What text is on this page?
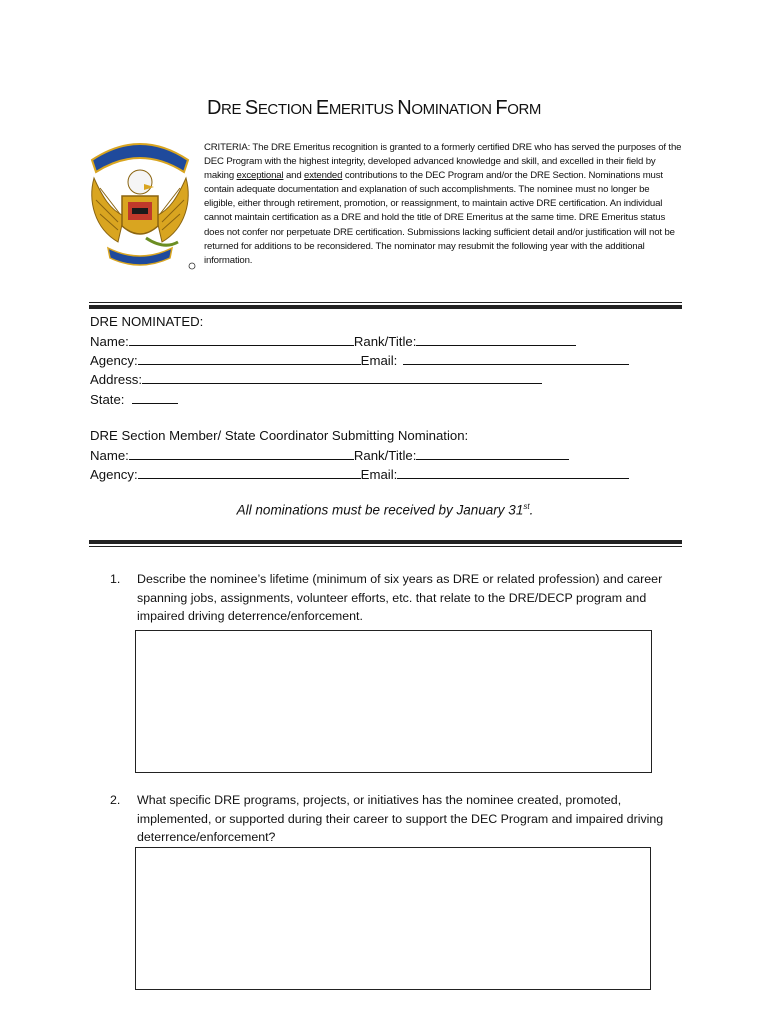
DRE SECTION EMERITUS NOMINATION FORM

CRITERIA: The DRE Emeritus recognition is granted to a formerly certified DRE who has served the purposes of the DEC Program with the highest integrity, developed advanced knowledge and skill, and excelled in their field by making exceptional and extended contributions to the DEC Program and/or the DRE Section. Nominations must contain adequate documentation and explanation of such accomplishments. The nominee must no longer be eligible, either through retirement, promotion, or reassignment, to maintain active DRE certification. An individual cannot maintain certification as a DRE and hold the title of DRE Emeritus at the same time. DRE Emeritus status does not confer nor perpetuate DRE certification. Submissions lacking sufficient detail and/or justification will not be returned for additions to be reconsidered. The nominator may resubmit the following year with the additional information.

DRE NOMINATED:

Name:	Rank/Title:

Agency:	Email:

Address:

State:

DRE Section Member/ State Coordinator Submitting Nomination:

Name:	Rank/Title:

Agency:	Email:

All nominations must be received by January 31st.
1. Describe the nominee’s lifetime (minimum of six years as DRE or related profession) and career spanning jobs, assignments, volunteer efforts, etc. that relate to the DRE/DECP program and impaired driving deterrence/enforcement.
2. What specific DRE programs, projects, or initiatives has the nominee created, promoted, implemented, or supported during their career to support the DEC Program and impaired driving deterrence/enforcement?
